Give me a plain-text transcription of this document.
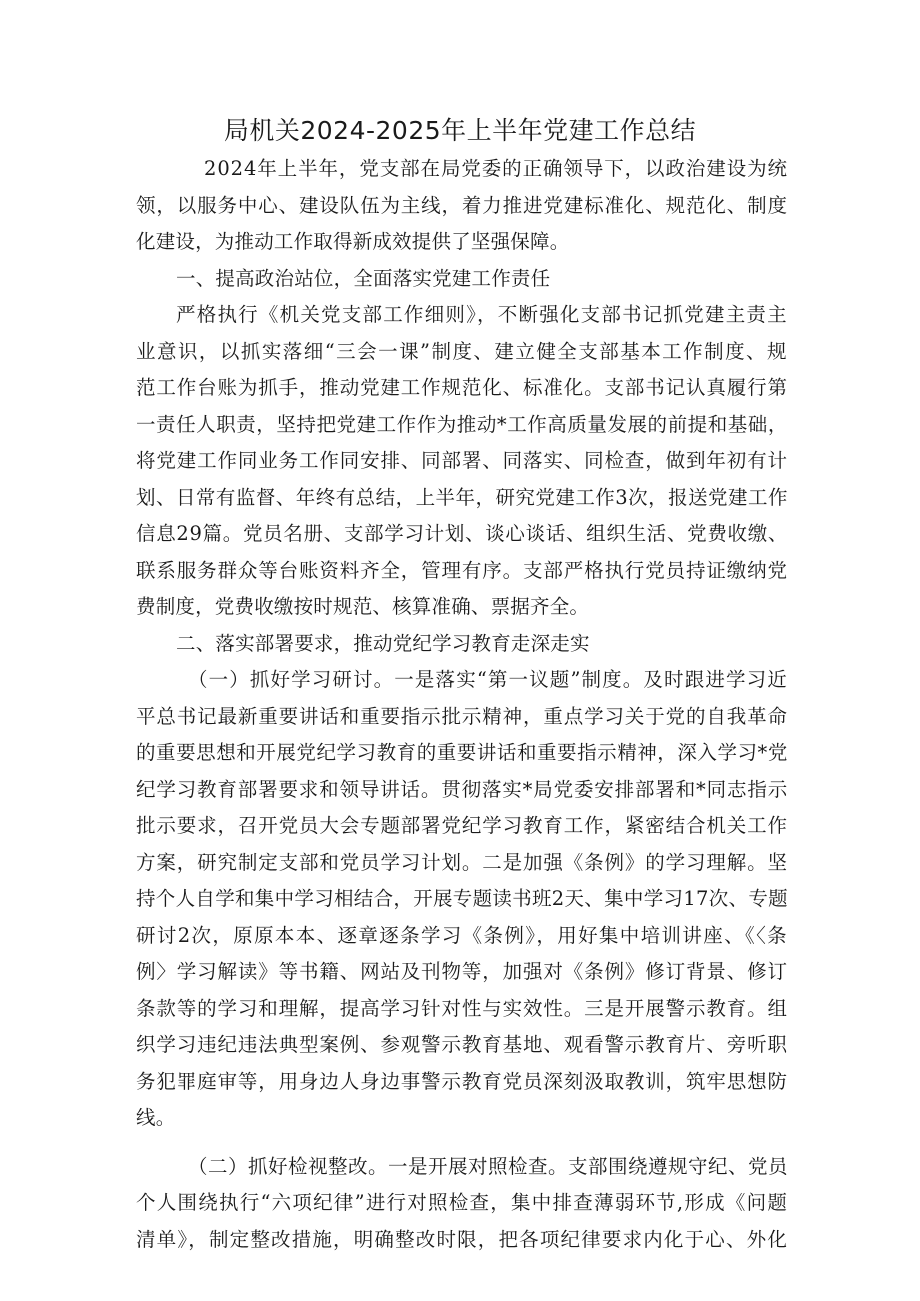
局机关2024-2025年上半年党建工作总结
2024年上半年，党支部在局党委的正确领导下，以政治建设为统
领，以服务中心、建设队伍为主线，着力推进党建标准化、规范化、制度
化建设，为推动工作取得新成效提供了坚强保障。
一、提高政治站位，全面落实党建工作责任
严格执行《机关党支部工作细则》，不断强化支部书记抓党建主责主
业意识，以抓实落细“三会一课”制度、建立健全支部基本工作制度、规
范工作台账为抓手，推动党建工作规范化、标准化。支部书记认真履行第
一责任人职责，坚持把党建工作作为推动*工作高质量发展的前提和基础，
将党建工作同业务工作同安排、同部署、同落实、同检查，做到年初有计
划、日常有监督、年终有总结，上半年，研究党建工作3次，报送党建工作
信息29篇。党员名册、支部学习计划、谈心谈话、组织生活、党费收缴、
联系服务群众等台账资料齐全，管理有序。支部严格执行党员持证缴纳党
费制度，党费收缴按时规范、核算准确、票据齐全。
二、落实部署要求，推动党纪学习教育走深走实
（一）抓好学习研讨。一是落实“第一议题”制度。及时跟进学习近
平总书记最新重要讲话和重要指示批示精神，重点学习关于党的自我革命
的重要思想和开展党纪学习教育的重要讲话和重要指示精神，深入学习*党
纪学习教育部署要求和领导讲话。贯彻落实*局党委安排部署和*同志指示
批示要求，召开党员大会专题部署党纪学习教育工作，紧密结合机关工作
方案，研究制定支部和党员学习计划。二是加强《条例》的学习理解。坚
持个人自学和集中学习相结合，开展专题读书班2天、集中学习17次、专题
研讨2次，原原本本、逐章逐条学习《条例》，用好集中培训讲座、《〈条
例〉学习解读》等书籍、网站及刊物等，加强对《条例》修订背景、修订
条款等的学习和理解，提高学习针对性与实效性。三是开展警示教育。组
织学习违纪违法典型案例、参观警示教育基地、观看警示教育片、旁听职
务犯罪庭审等，用身边人身边事警示教育党员深刻汲取教训，筑牢思想防
线。
（二）抓好检视整改。一是开展对照检查。支部围绕遵规守纪、党员
个人围绕执行“六项纪律”进行对照检查，集中排查薄弱环节,形成《问题
清单》，制定整改措施，明确整改时限，把各项纪律要求内化于心、外化
